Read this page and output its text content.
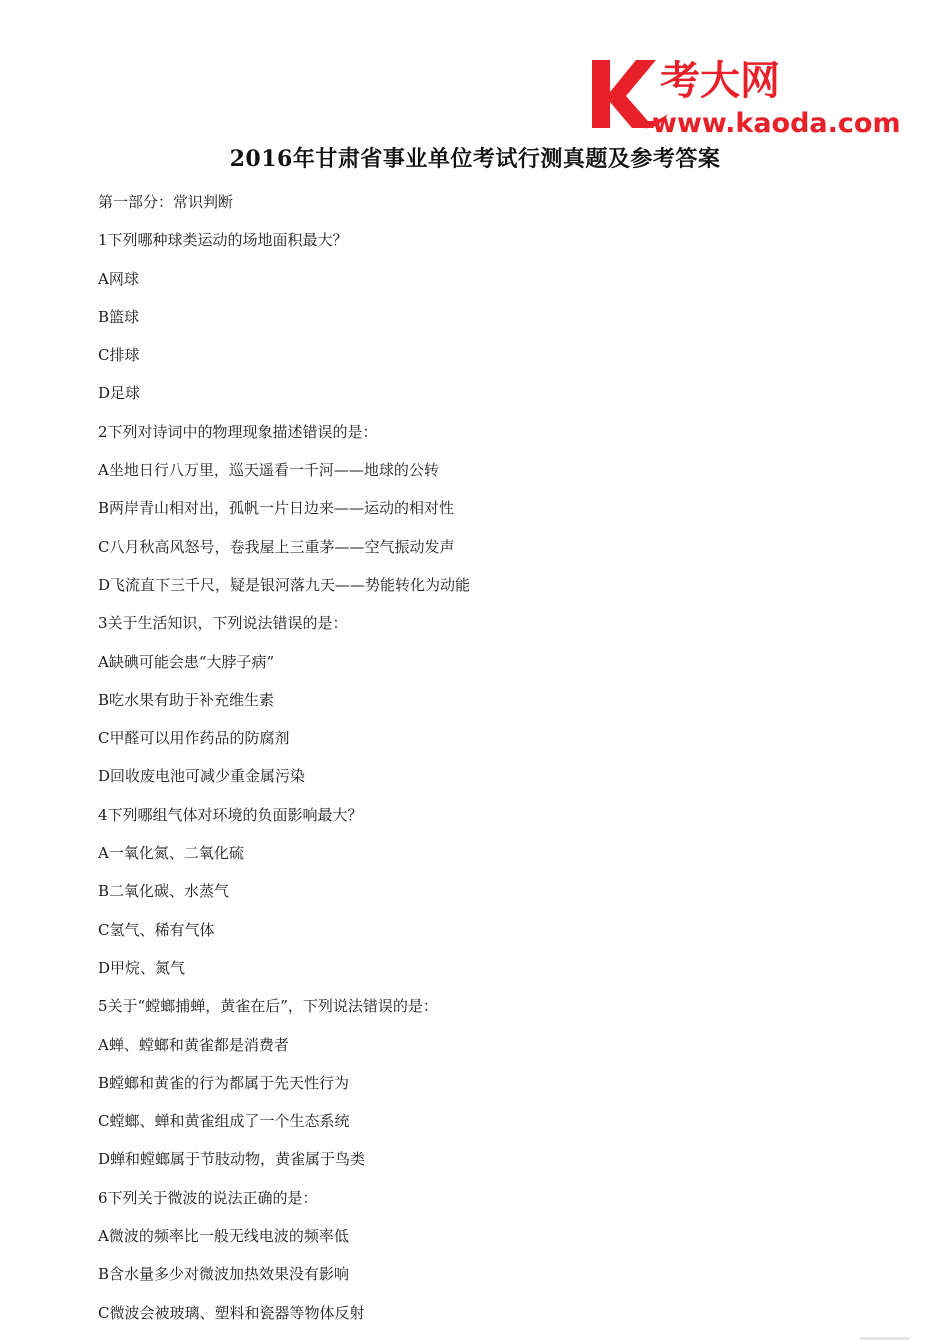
考大网
www.kaoda.com
2016年甘肃省事业单位考试行测真题及参考答案
第一部分：常识判断
1下列哪种球类运动的场地面积最大？
A网球
B篮球
C排球
D足球
2下列对诗词中的物理现象描述错误的是：
A坐地日行八万里，巡天遥看一千河——地球的公转
B两岸青山相对出，孤帆一片日边来——运动的相对性
C八月秋高风怒号，卷我屋上三重茅——空气振动发声
D飞流直下三千尺，疑是银河落九天——势能转化为动能
3关于生活知识，下列说法错误的是：
A缺碘可能会患“大脖子病”
B吃水果有助于补充维生素
C甲醛可以用作药品的防腐剂
D回收废电池可减少重金属污染
4下列哪组气体对环境的负面影响最大？
A一氧化氮、二氧化硫
B二氧化碳、水蒸气
C氢气、稀有气体
D甲烷、氮气
5关于“螳螂捕蝉，黄雀在后”，下列说法错误的是：
A蝉、螳螂和黄雀都是消费者
B螳螂和黄雀的行为都属于先天性行为
C螳螂、蝉和黄雀组成了一个生态系统
D蝉和螳螂属于节肢动物，黄雀属于鸟类
6下列关于微波的说法正确的是：
A微波的频率比一般无线电波的频率低
B含水量多少对微波加热效果没有影响
C微波会被玻璃、塑料和瓷器等物体反射
